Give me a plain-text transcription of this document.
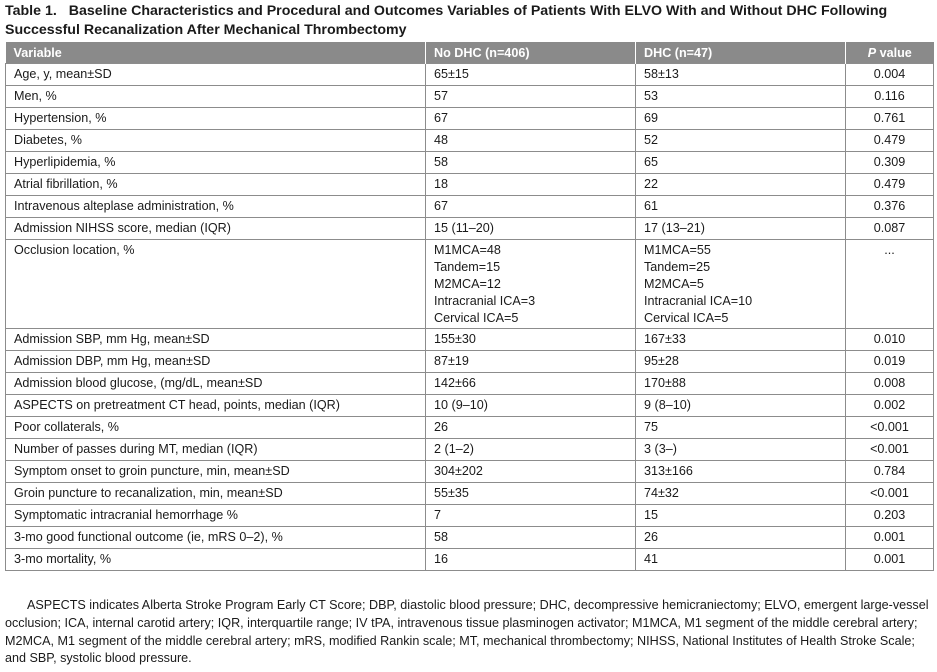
Table 1. Baseline Characteristics and Procedural and Outcomes Variables of Patients With ELVO With and Without DHC Following Successful Recanalization After Mechanical Thrombectomy
Variable	No DHC (n=406)	DHC (n=47)	P value
Age, y, mean±SD	65±15	58±13	0.004
Men, %	57	53	0.116
Hypertension, %	67	69	0.761
Diabetes, %	48	52	0.479
Hyperlipidemia, %	58	65	0.309
Atrial fibrillation, %	18	22	0.479
Intravenous alteplase administration, %	67	61	0.376
Admission NIHSS score, median (IQR)	15 (11–20)	17 (13–21)	0.087
Occlusion location, %	M1MCA=48
Tandem=15
M2MCA=12
Intracranial ICA=3
Cervical ICA=5	M1MCA=55
Tandem=25
M2MCA=5
Intracranial ICA=10
Cervical ICA=5	...
Admission SBP, mm Hg, mean±SD	155±30	167±33	0.010
Admission DBP, mm Hg, mean±SD	87±19	95±28	0.019
Admission blood glucose, (mg/dL, mean±SD	142±66	170±88	0.008
ASPECTS on pretreatment CT head, points, median (IQR)	10 (9–10)	9 (8–10)	0.002
Poor collaterals, %	26	75	<0.001
Number of passes during MT, median (IQR)	2 (1–2)	3 (3–)	<0.001
Symptom onset to groin puncture, min, mean±SD	304±202	313±166	0.784
Groin puncture to recanalization, min, mean±SD	55±35	74±32	<0.001
Symptomatic intracranial hemorrhage %	7	15	0.203
3-mo good functional outcome (ie, mRS 0–2), %	58	26	0.001
3-mo mortality, %	16	41	0.001
ASPECTS indicates Alberta Stroke Program Early CT Score; DBP, diastolic blood pressure; DHC, decompressive hemicraniectomy; ELVO, emergent large-vessel occlusion; ICA, internal carotid artery; IQR, interquartile range; IV tPA, intravenous tissue plasminogen activator; M1MCA, M1 segment of the middle cerebral artery; M2MCA, M1 segment of the middle cerebral artery; mRS, modified Rankin scale; MT, mechanical thrombectomy; NIHSS, National Institutes of Health Stroke Scale; and SBP, systolic blood pressure.
